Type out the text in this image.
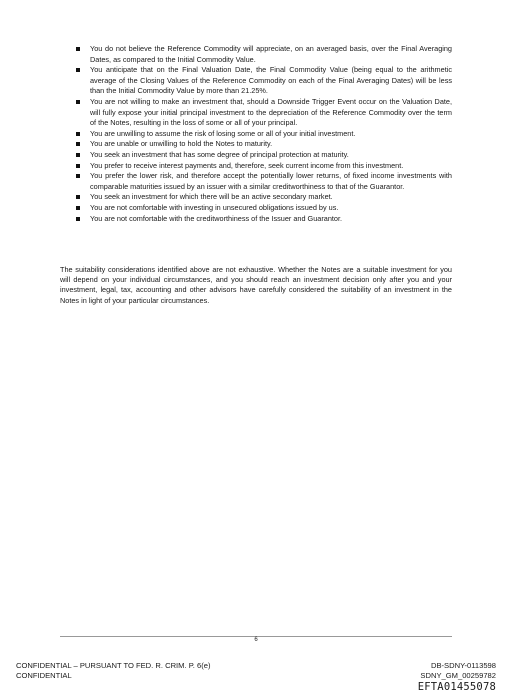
You do not believe the Reference Commodity will appreciate, on an averaged basis, over the Final Averaging Dates, as compared to the Initial Commodity Value.
You anticipate that on the Final Valuation Date, the Final Commodity Value (being equal to the arithmetic average of the Closing Values of the Reference Commodity on each of the Final Averaging Dates) will be less than the Initial Commodity Value by more than 21.25%.
You are not willing to make an investment that, should a Downside Trigger Event occur on the Valuation Date, will fully expose your initial principal investment to the depreciation of the Reference Commodity over the term of the Notes, resulting in the loss of some or all of your principal.
You are unwilling to assume the risk of losing some or all of your initial investment.
You are unable or unwilling to hold the Notes to maturity.
You seek an investment that has some degree of principal protection at maturity.
You prefer to receive interest payments and, therefore, seek current income from this investment.
You prefer the lower risk, and therefore accept the potentially lower returns, of fixed income investments with comparable maturities issued by an issuer with a similar creditworthiness to that of the Guarantor.
You seek an investment for which there will be an active secondary market.
You are not comfortable with investing in unsecured obligations issued by us.
You are not comfortable with the creditworthiness of the Issuer and Guarantor.

The suitability considerations identified above are not exhaustive. Whether the Notes are a suitable investment for you will depend on your individual circumstances, and you should reach an investment decision only after you and your investment, legal, tax, accounting and other advisors have carefully considered the suitability of an investment in the Notes in light of your particular circumstances.

6
CONFIDENTIAL – PURSUANT TO FED. R. CRIM. P. 6(e)
CONFIDENTIAL
DB-SDNY-0113598
SDNY_GM_00259782
EFTA01455078
